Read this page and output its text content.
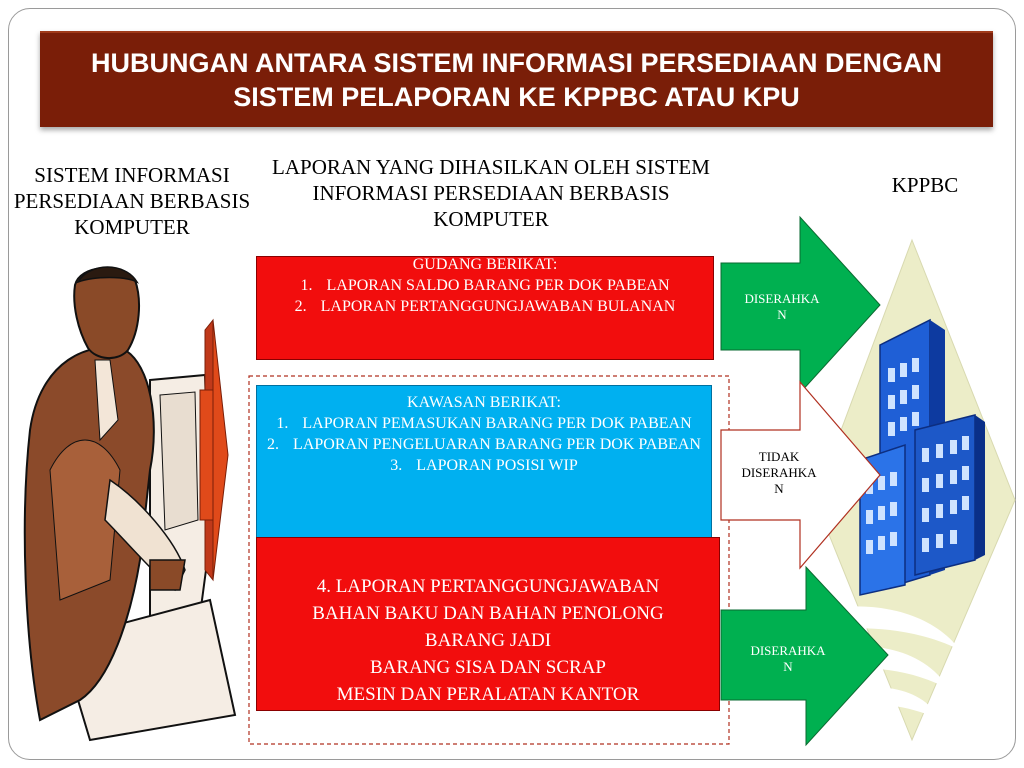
HUBUNGAN ANTARA SISTEM INFORMASI PERSEDIAAN DENGAN SISTEM PELAPORAN KE KPPBC ATAU KPU
SISTEM INFORMASI PERSEDIAAN BERBASIS KOMPUTER
LAPORAN YANG DIHASILKAN OLEH SISTEM INFORMASI PERSEDIAAN BERBASIS KOMPUTER
KPPBC
GUDANG BERIKAT:
1. LAPORAN SALDO BARANG PER DOK PABEAN
2. LAPORAN PERTANGGUNGJAWABAN BULANAN
KAWASAN BERIKAT:
1. LAPORAN PEMASUKAN BARANG PER DOK PABEAN
2. LAPORAN PENGELUARAN BARANG PER DOK PABEAN
3. LAPORAN POSISI WIP
4. LAPORAN PERTANGGUNGJAWABAN
BAHAN BAKU DAN BAHAN PENOLONG
BARANG JADI
BARANG SISA DAN SCRAP
MESIN DAN PERALATAN KANTOR
DISERAHKA
N
TIDAK
DISERAHKA
N
DISERAHKA
N
